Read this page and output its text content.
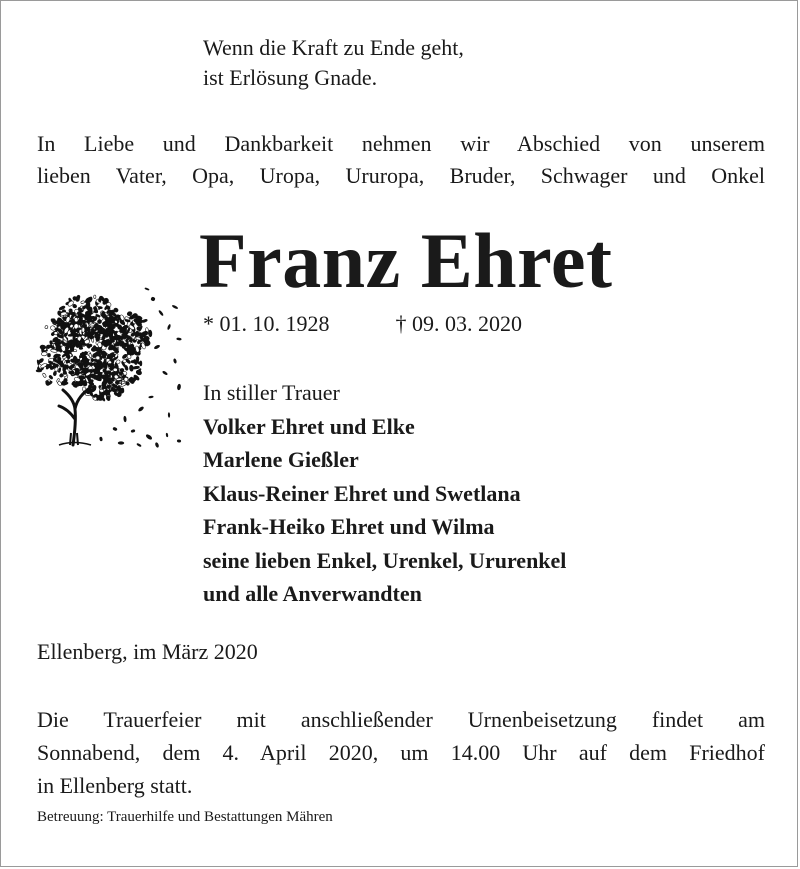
Wenn die Kraft zu Ende geht,
ist Erlösung Gnade.
In Liebe und Dankbarkeit nehmen wir Abschied von unserem
lieben Vater, Opa, Uropa, Ururopa, Bruder, Schwager und Onkel
Franz Ehret
* 01. 10. 1928	† 09. 03. 2020
In stiller Trauer
Volker Ehret und Elke
Marlene Gießler
Klaus-Reiner Ehret und Swetlana
Frank-Heiko Ehret und Wilma
seine lieben Enkel, Urenkel, Ururenkel
und alle Anverwandten
Ellenberg, im März 2020
Die Trauerfeier mit anschließender Urnenbeisetzung findet am
Sonnabend, dem 4. April 2020, um 14.00 Uhr auf dem Friedhof
in Ellenberg statt.
Betreuung: Trauerhilfe und Bestattungen Mähren
